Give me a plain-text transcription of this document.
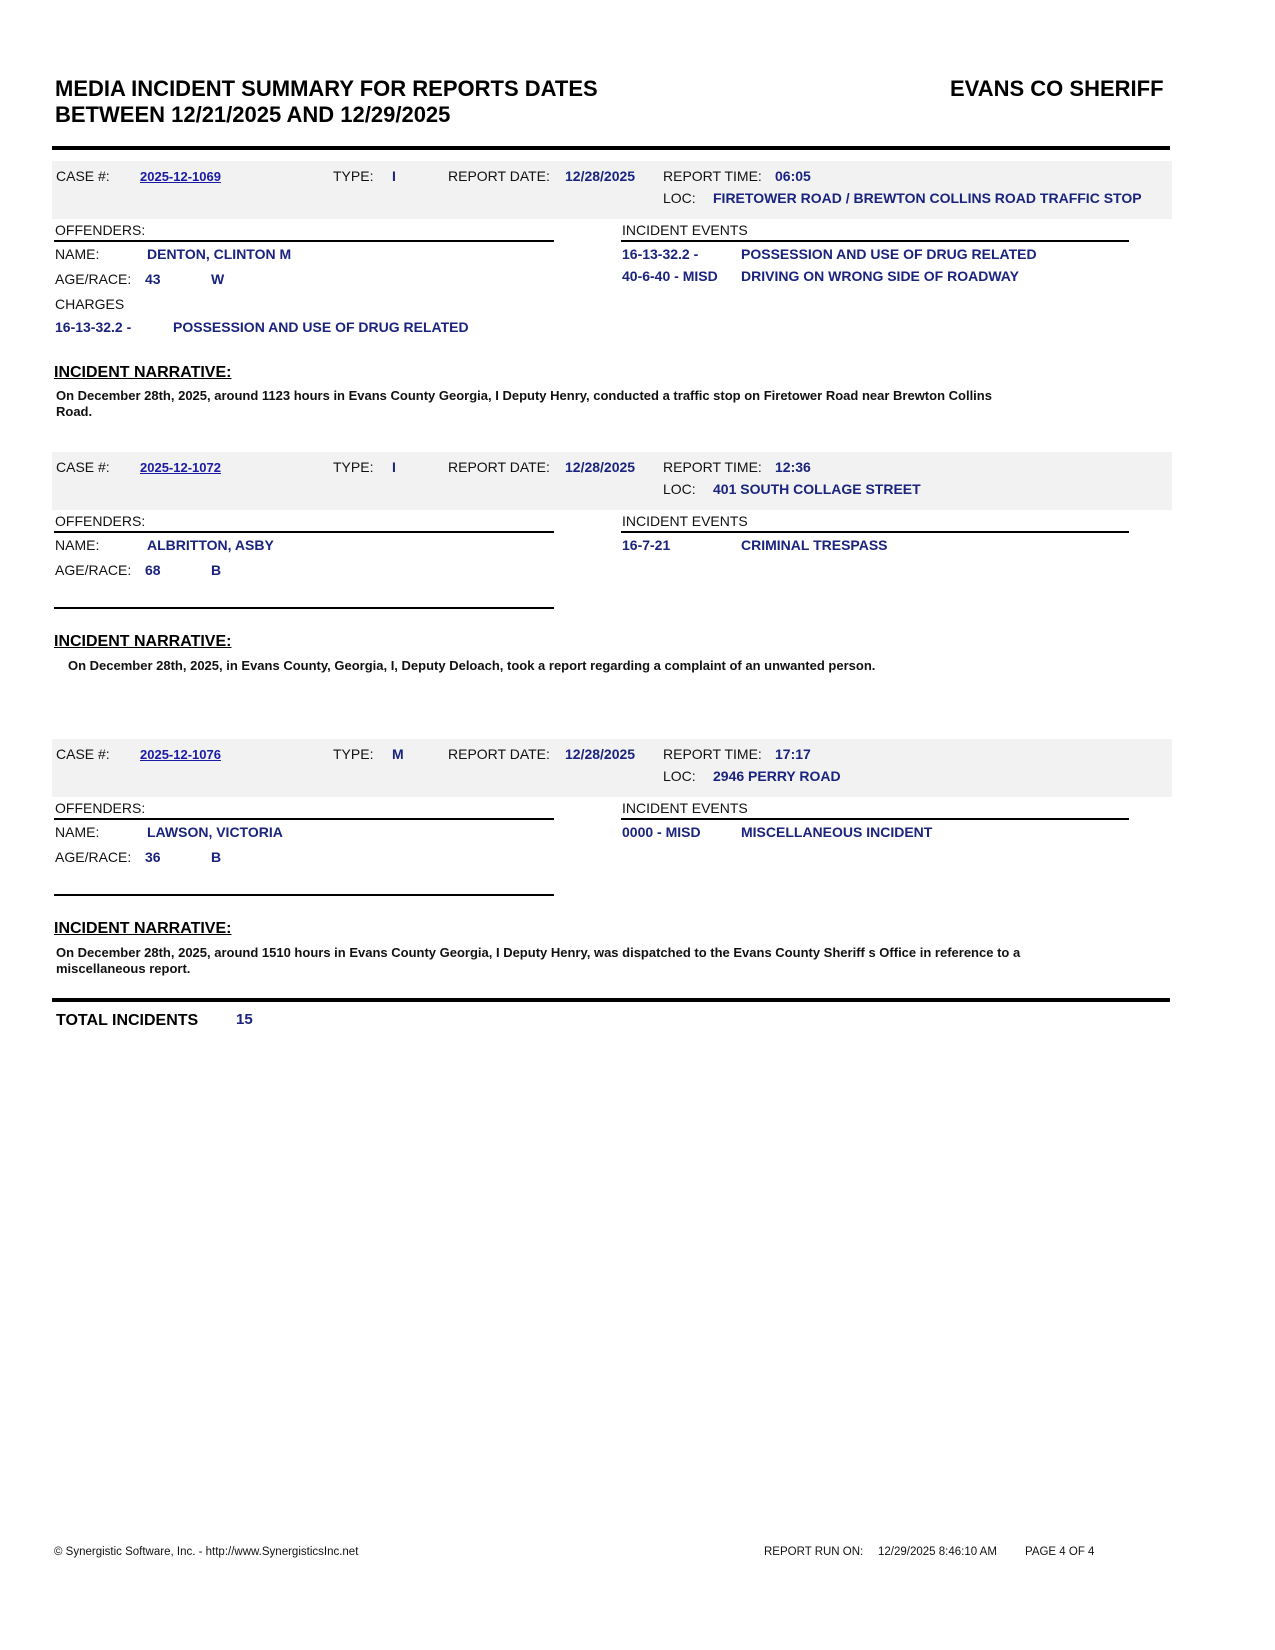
MEDIA INCIDENT SUMMARY FOR REPORTS DATES
BETWEEN 12/21/2025 AND 12/29/2025
EVANS CO SHERIFF
CASE #: 2025-12-1069	TYPE: I	REPORT DATE: 12/28/2025 REPORT TIME: 06:05
LOC: FIRETOWER ROAD / BREWTON COLLINS ROAD TRAFFIC STOP
OFFENDERS:	INCIDENT EVENTS
NAME:	DENTON, CLINTON M
AGE/RACE: 43	W
CHARGES
16-13-32.2 -	POSSESSION AND USE OF DRUG RELATED
16-13-32.2 -	POSSESSION AND USE OF DRUG RELATED
40-6-40 - MISD DRIVING ON WRONG SIDE OF ROADWAY
INCIDENT NARRATIVE:
On December 28th, 2025, around 1123 hours in Evans County Georgia, I Deputy Henry, conducted a traffic stop on Firetower Road near Brewton Collins
Road.
CASE #: 2025-12-1072	TYPE: I	REPORT DATE: 12/28/2025 REPORT TIME: 12:36
LOC: 401 SOUTH COLLAGE STREET
OFFENDERS:	INCIDENT EVENTS
NAME:	ALBRITTON, ASBY
AGE/RACE: 68	B
16-7-21	CRIMINAL TRESPASS
INCIDENT NARRATIVE:
On December 28th, 2025, in Evans County, Georgia, I, Deputy Deloach, took a report regarding a complaint of an unwanted person.
CASE #: 2025-12-1076	TYPE: M	REPORT DATE: 12/28/2025 REPORT TIME: 17:17
LOC: 2946 PERRY ROAD
OFFENDERS:	INCIDENT EVENTS
NAME:	LAWSON, VICTORIA
AGE/RACE: 36	B
0000 - MISD	MISCELLANEOUS INCIDENT
INCIDENT NARRATIVE:
On December 28th, 2025, around 1510 hours in Evans County Georgia, I Deputy Henry, was dispatched to the Evans County Sheriff s Office in reference to a
miscellaneous report.
TOTAL INCIDENTS	15
© Synergistic Software, Inc. - http://www.SynergisticsInc.net	REPORT RUN ON: 12/29/2025 8:46:10 AM PAGE 4 OF 4
